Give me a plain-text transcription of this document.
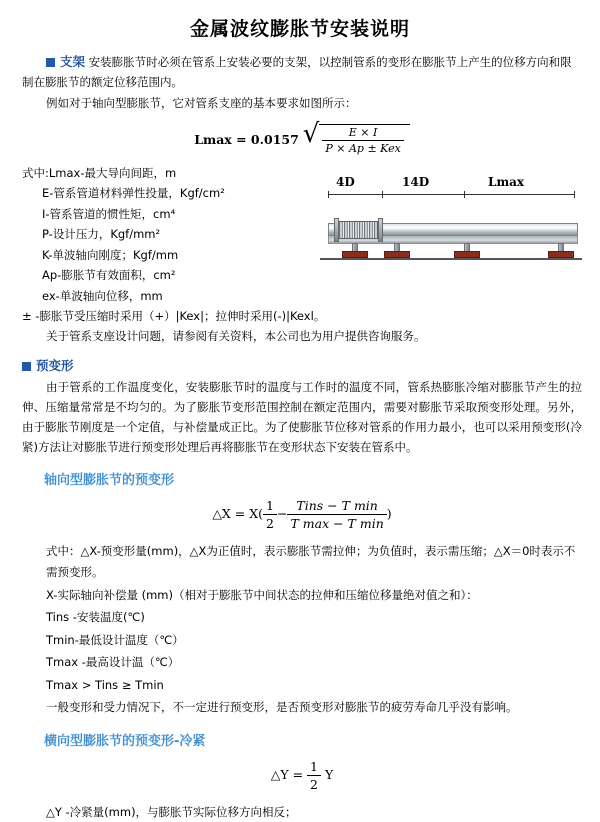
金属波纹膨胀节安装说明
支架 安装膨胀节时必须在管系上安装必要的支架，以控制管系的变形在膨胀节上产生的位移方向和限制在膨胀节的额定位移范围内。

例如对于轴向型膨胀节，它对管系支座的基本要求如图所示：

Lmax = 0.0157 √ $\frac{E \times I}{\text{P × Ap ± Kex}}$
式中:Lmax-最大导向间距，m
E-管系管道材料弹性投量，Kgf/cm²
I-管系管道的惯性矩，cm⁴
P-设计压力，Kgf/mm²
K-单波轴向刚度；Kgf/mm
Ap-膨胀节有效面积，cm²
ex-单波轴向位移，mm
± -膨胀节受压缩时采用（+）|Kex|；拉伸时采用(-)|Kexl。
4D	14D	Lmax

关于管系支座设计问题，请参阅有关资料，本公司也为用户提供咨询服务。

预变形

由于管系的工作温度变化，安装膨胀节时的温度与工作时的温度不同，管系热膨胀冷缩对膨胀节产生的拉伸、压缩量常常是不均匀的。为了膨胀节变形范围控制在额定范围内，需要对膨胀节采取预变形处理。另外，由于膨胀节刚度是一个定值，与补偿量成正比。为了使膨胀节位移对管系的作用力最小，也可以采用预变形(冷紧)方法让对膨胀节进行预变形处理后再将膨胀节在变形状态下安装在管系中。

轴向型膨胀节的预变形
△X = $X( \frac{1}{2} - \frac{\text{Tins − T min}}{\text{T max − T min}}$ )

式中：△X-预变形量(mm)，△X为正值时，表示膨胀节需拉伸；为负值时，表示需压缩；△X＝0时表示不需预变形。

X-实际轴向补偿量 (mm)（相对于膨胀节中间状态的拉伸和压缩位移量绝对值之和）：

Tins -安装温度(℃)

Tmin-最低设计温度（℃）

Tmax -最高设计温（℃）

Tmax > Tins ≥ Tmin

一般变形和受力情况下，不一定进行预变形，是否预变形对膨胀节的疲劳寿命几乎没有影响。

横向型膨胀节的预变形-冷紧
△Y = $\frac{1}{2}$ Y

△Y -冷紧量(mm)，与膨胀节实际位移方向相反；
